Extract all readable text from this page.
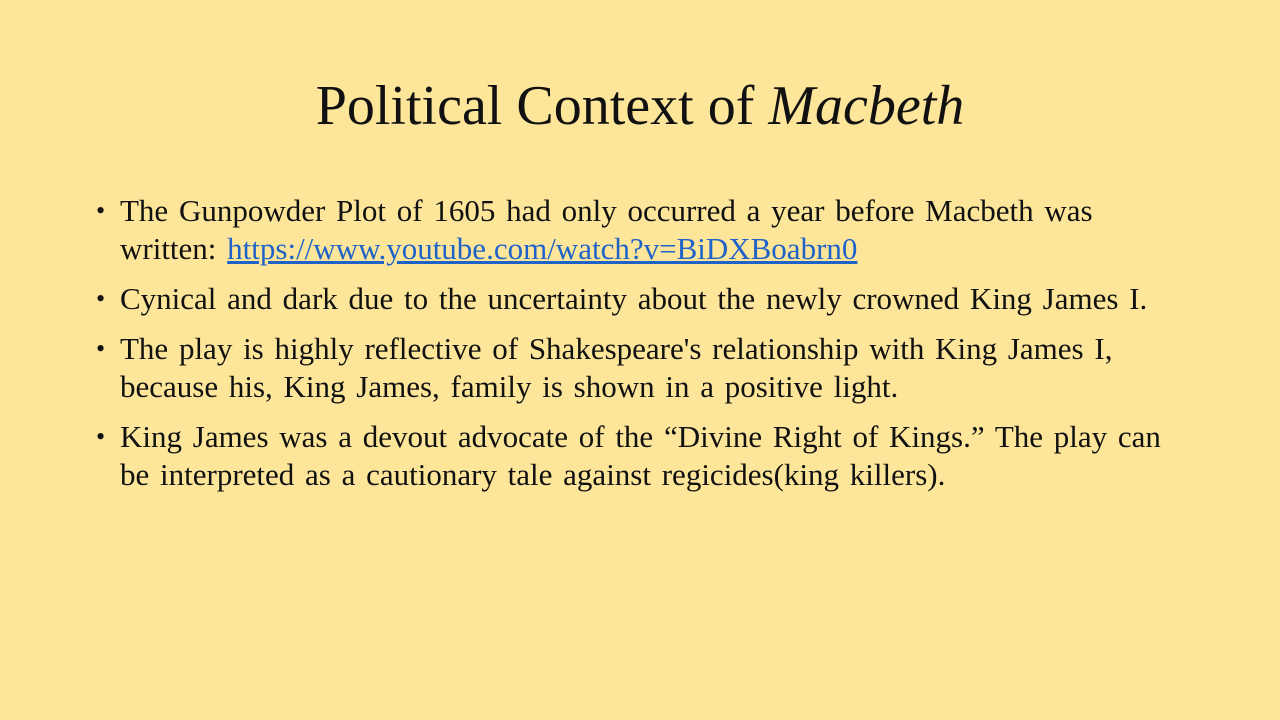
Political Context of Macbeth
• The Gunpowder Plot of 1605 had only occurred a year before Macbeth was written: https://www.youtube.com/watch?v=BiDXBoabrn0
• Cynical and dark due to the uncertainty about the newly crowned King James I.
• The play is highly reflective of Shakespeare's relationship with King James I, because his, King James, family is shown in a positive light.
• King James was a devout advocate of the “Divine Right of Kings.” The play can be interpreted as a cautionary tale against regicides(king killers).
